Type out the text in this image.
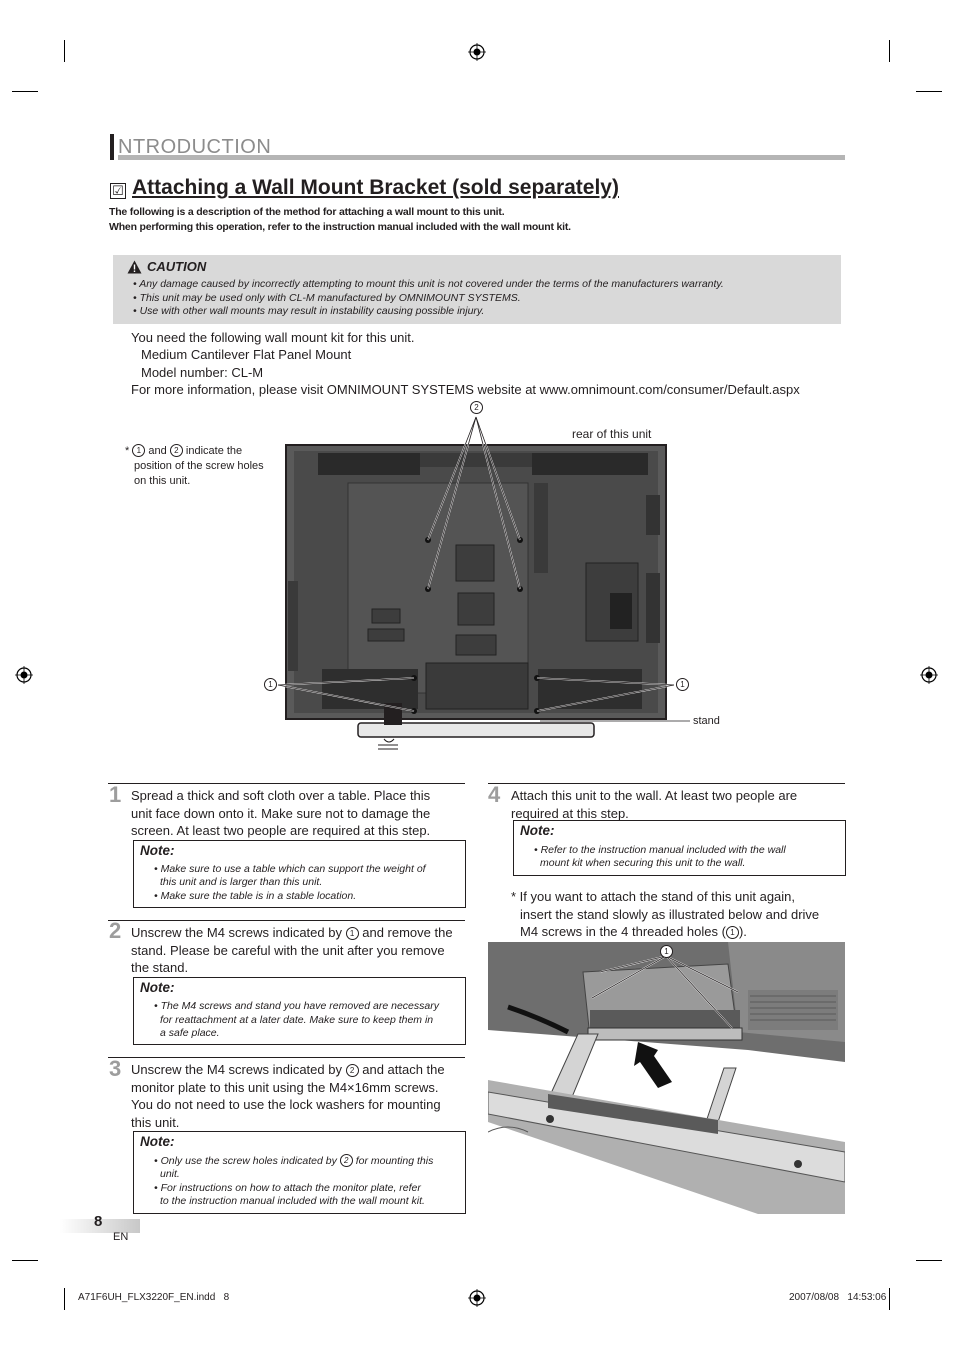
NTRODUCTION
☑ Attaching a Wall Mount Bracket (sold separately)
The following is a description of the method for attaching a wall mount to this unit.
When performing this operation, refer to the instruction manual included with the wall mount kit.
CAUTION
• Any damage caused by incorrectly attempting to mount this unit is not covered under the terms of the manufacturers warranty.
• This unit may be used only with CL-M manufactured by OMNIMOUNT SYSTEMS.
• Use with other wall mounts may result in instability causing possible injury.
You need the following wall mount kit for this unit.
Medium Cantilever Flat Panel Mount
Model number: CL-M
For more information, please visit OMNIMOUNT SYSTEMS website at www.omnimount.com/consumer/Default.aspx
* 1 and 2 indicate the
position of the screw holes
on this unit.
rear of this unit
stand
2
1	1
1 Spread a thick and soft cloth over a table. Place this
unit face down onto it. Make sure not to damage the
screen. At least two people are required at this step.
Note:
• Make sure to use a table which can support the weight of
this unit and is larger than this unit.
• Make sure the table is in a stable location.
2 Unscrew the M4 screws indicated by 1 and remove the
stand. Please be careful with the unit after you remove
the stand.
Note:
• The M4 screws and stand you have removed are necessary
for reattachment at a later date. Make sure to keep them in
a safe place.
3 Unscrew the M4 screws indicated by 2 and attach the
monitor plate to this unit using the M4×16mm screws.
You do not need to use the lock washers for mounting
this unit.
Note:
• Only use the screw holes indicated by 2 for mounting this
unit.
• For instructions on how to attach the monitor plate, refer
to the instruction manual included with the wall mount kit.
4 Attach this unit to the wall. At least two people are
required at this step.
Note:
• Refer to the instruction manual included with the wall
mount kit when securing this unit to the wall.
* If you want to attach the stand of this unit again,
insert the stand slowly as illustrated below and drive
M4 screws in the 4 threaded holes ( 1 ).
1
8
EN
A71F6UH_FLX3220F_EN.indd   8	2007/08/08   14:53:06
